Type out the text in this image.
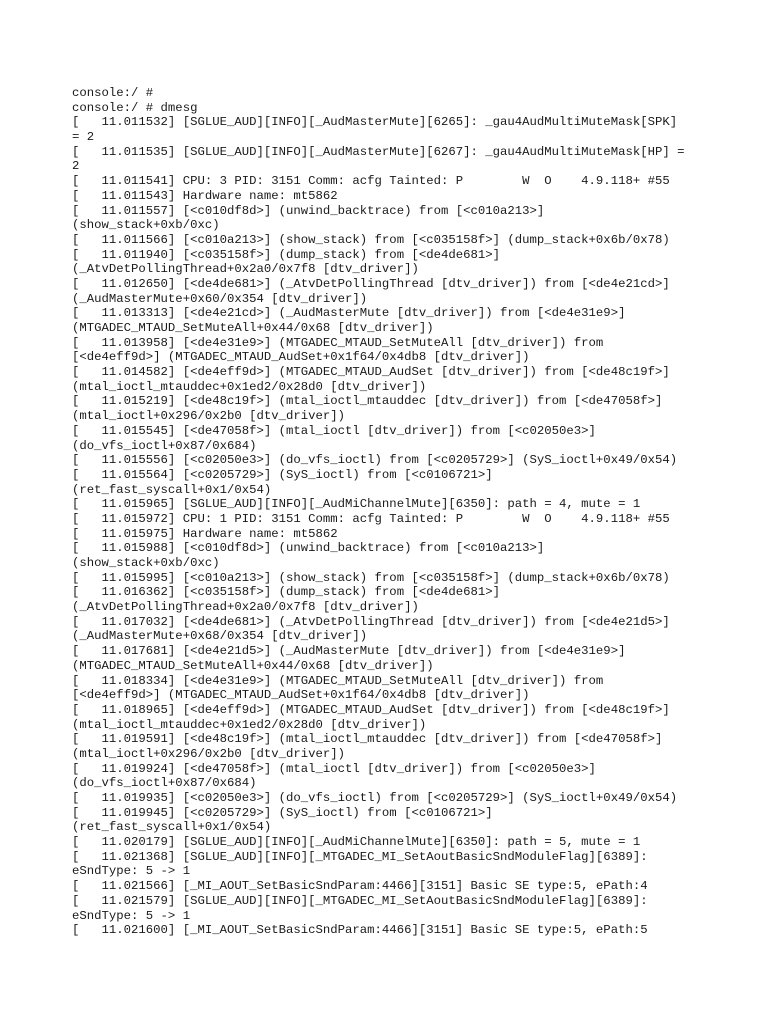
console:/ #
console:/ # dmesg
[   11.011532] [SGLUE_AUD][INFO][_AudMasterMute][6265]: _gau4AudMultiMuteMask[SPK]
= 2
[   11.011535] [SGLUE_AUD][INFO][_AudMasterMute][6267]: _gau4AudMultiMuteMask[HP] =
2
[   11.011541] CPU: 3 PID: 3151 Comm: acfg Tainted: P        W  O    4.9.118+ #55
[   11.011543] Hardware name: mt5862
[   11.011557] [<c010df8d>] (unwind_backtrace) from [<c010a213>]
(show_stack+0xb/0xc)
[   11.011566] [<c010a213>] (show_stack) from [<c035158f>] (dump_stack+0x6b/0x78)
[   11.011940] [<c035158f>] (dump_stack) from [<de4de681>]
(_AtvDetPollingThread+0x2a0/0x7f8 [dtv_driver])
[   11.012650] [<de4de681>] (_AtvDetPollingThread [dtv_driver]) from [<de4e21cd>]
(_AudMasterMute+0x60/0x354 [dtv_driver])
[   11.013313] [<de4e21cd>] (_AudMasterMute [dtv_driver]) from [<de4e31e9>]
(MTGADEC_MTAUD_SetMuteAll+0x44/0x68 [dtv_driver])
[   11.013958] [<de4e31e9>] (MTGADEC_MTAUD_SetMuteAll [dtv_driver]) from
[<de4eff9d>] (MTGADEC_MTAUD_AudSet+0x1f64/0x4db8 [dtv_driver])
[   11.014582] [<de4eff9d>] (MTGADEC_MTAUD_AudSet [dtv_driver]) from [<de48c19f>]
(mtal_ioctl_mtauddec+0x1ed2/0x28d0 [dtv_driver])
[   11.015219] [<de48c19f>] (mtal_ioctl_mtauddec [dtv_driver]) from [<de47058f>]
(mtal_ioctl+0x296/0x2b0 [dtv_driver])
[   11.015545] [<de47058f>] (mtal_ioctl [dtv_driver]) from [<c02050e3>]
(do_vfs_ioctl+0x87/0x684)
[   11.015556] [<c02050e3>] (do_vfs_ioctl) from [<c0205729>] (SyS_ioctl+0x49/0x54)
[   11.015564] [<c0205729>] (SyS_ioctl) from [<c0106721>]
(ret_fast_syscall+0x1/0x54)
[   11.015965] [SGLUE_AUD][INFO][_AudMiChannelMute][6350]: path = 4, mute = 1
[   11.015972] CPU: 1 PID: 3151 Comm: acfg Tainted: P        W  O    4.9.118+ #55
[   11.015975] Hardware name: mt5862
[   11.015988] [<c010df8d>] (unwind_backtrace) from [<c010a213>]
(show_stack+0xb/0xc)
[   11.015995] [<c010a213>] (show_stack) from [<c035158f>] (dump_stack+0x6b/0x78)
[   11.016362] [<c035158f>] (dump_stack) from [<de4de681>]
(_AtvDetPollingThread+0x2a0/0x7f8 [dtv_driver])
[   11.017032] [<de4de681>] (_AtvDetPollingThread [dtv_driver]) from [<de4e21d5>]
(_AudMasterMute+0x68/0x354 [dtv_driver])
[   11.017681] [<de4e21d5>] (_AudMasterMute [dtv_driver]) from [<de4e31e9>]
(MTGADEC_MTAUD_SetMuteAll+0x44/0x68 [dtv_driver])
[   11.018334] [<de4e31e9>] (MTGADEC_MTAUD_SetMuteAll [dtv_driver]) from
[<de4eff9d>] (MTGADEC_MTAUD_AudSet+0x1f64/0x4db8 [dtv_driver])
[   11.018965] [<de4eff9d>] (MTGADEC_MTAUD_AudSet [dtv_driver]) from [<de48c19f>]
(mtal_ioctl_mtauddec+0x1ed2/0x28d0 [dtv_driver])
[   11.019591] [<de48c19f>] (mtal_ioctl_mtauddec [dtv_driver]) from [<de47058f>]
(mtal_ioctl+0x296/0x2b0 [dtv_driver])
[   11.019924] [<de47058f>] (mtal_ioctl [dtv_driver]) from [<c02050e3>]
(do_vfs_ioctl+0x87/0x684)
[   11.019935] [<c02050e3>] (do_vfs_ioctl) from [<c0205729>] (SyS_ioctl+0x49/0x54)
[   11.019945] [<c0205729>] (SyS_ioctl) from [<c0106721>]
(ret_fast_syscall+0x1/0x54)
[   11.020179] [SGLUE_AUD][INFO][_AudMiChannelMute][6350]: path = 5, mute = 1
[   11.021368] [SGLUE_AUD][INFO][_MTGADEC_MI_SetAoutBasicSndModuleFlag][6389]:
eSndType: 5 -> 1
[   11.021566] [_MI_AOUT_SetBasicSndParam:4466][3151] Basic SE type:5, ePath:4
[   11.021579] [SGLUE_AUD][INFO][_MTGADEC_MI_SetAoutBasicSndModuleFlag][6389]:
eSndType: 5 -> 1
[   11.021600] [_MI_AOUT_SetBasicSndParam:4466][3151] Basic SE type:5, ePath:5
